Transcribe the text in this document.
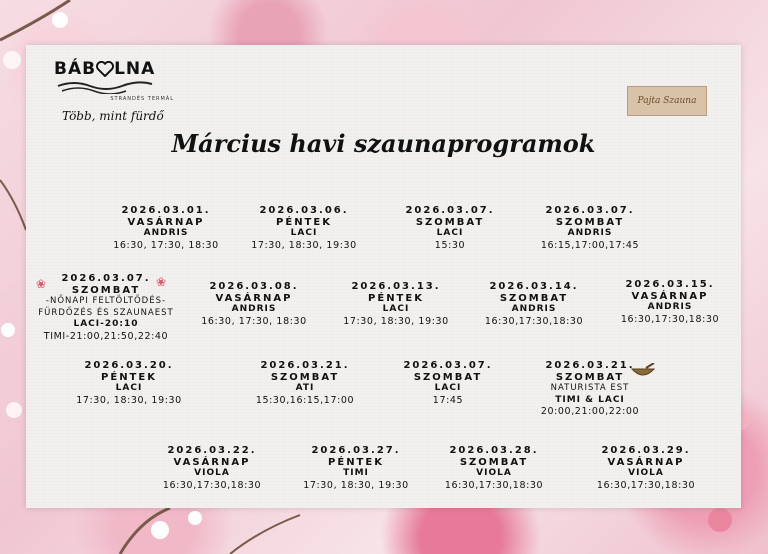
BÁB LNA
STRANDÉS TERMÁL
Több, mint fürdő
Pajta Szauna
Március havi szaunaprogramok
❀	❀
2026.03.01.
VASÁRNAP
ANDRIS
16:30, 17:30, 18:30
2026.03.06.
PÉNTEK
LACI
17:30, 18:30, 19:30
2026.03.07.
SZOMBAT
LACI
15:30
2026.03.07.
SZOMBAT
ANDRIS
16:15,17:00,17:45
2026.03.07.
SZOMBAT
-NŐNAPI FELTÖLTŐDÉS-
FÜRDŐZÉS ÉS SZAUNAEST
LACI-20:10
TIMI-21:00,21:50,22:40
2026.03.08.
VASÁRNAP
ANDRIS
16:30, 17:30, 18:30
2026.03.13.
PÉNTEK
LACI
17:30, 18:30, 19:30
2026.03.14.
SZOMBAT
ANDRIS
16:30,17:30,18:30
2026.03.15.
VASÁRNAP
ANDRIS
16:30,17:30,18:30
2026.03.20.
PÉNTEK
LACI
17:30, 18:30, 19:30
2026.03.21.
SZOMBAT
ATI
15:30,16:15,17:00
2026.03.07.
SZOMBAT
LACI
17:45
2026.03.21.
SZOMBAT
NATURISTA EST
TIMI & LACI
20:00,21:00,22:00
2026.03.22.
VASÁRNAP
VIOLA
16:30,17:30,18:30
2026.03.27.
PÉNTEK
TIMI
17:30, 18:30, 19:30
2026.03.28.
SZOMBAT
VIOLA
16:30,17:30,18:30
2026.03.29.
VASÁRNAP
VIOLA
16:30,17:30,18:30
